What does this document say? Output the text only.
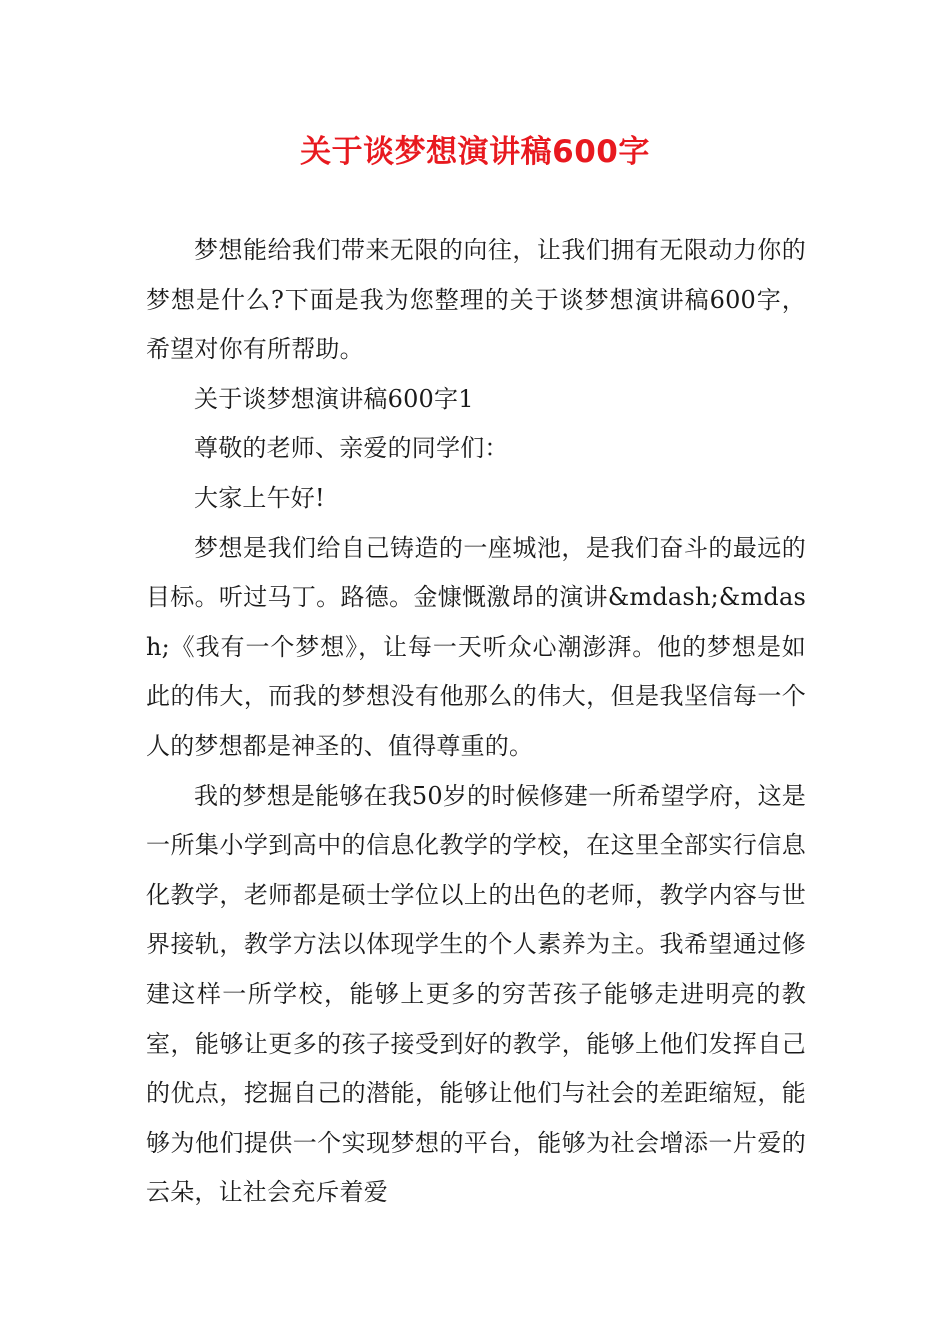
关于谈梦想演讲稿600字

梦想能给我们带来无限的向往，让我们拥有无限动力你的梦想是什么?下面是我为您整理的关于谈梦想演讲稿600字，希望对你有所帮助。

关于谈梦想演讲稿600字1

尊敬的老师、亲爱的同学们：

大家上午好!

梦想是我们给自己铸造的一座城池，是我们奋斗的最远的目标。听过马丁。路德。金慷慨激昂的演讲&mdash;&mdash;《我有一个梦想》，让每一天听众心潮澎湃。他的梦想是如此的伟大，而我的梦想没有他那么的伟大，但是我坚信每一个人的梦想都是神圣的、值得尊重的。

我的梦想是能够在我50岁的时候修建一所希望学府，这是一所集小学到高中的信息化教学的学校，在这里全部实行信息化教学，老师都是硕士学位以上的出色的老师，教学内容与世界接轨，教学方法以体现学生的个人素养为主。我希望通过修建这样一所学校，能够上更多的穷苦孩子能够走进明亮的教室，能够让更多的孩子接受到好的教学，能够上他们发挥自己的优点，挖掘自己的潜能，能够让他们与社会的差距缩短，能够为他们提供一个实现梦想的平台，能够为社会增添一片爱的云朵，让社会充斥着爱
